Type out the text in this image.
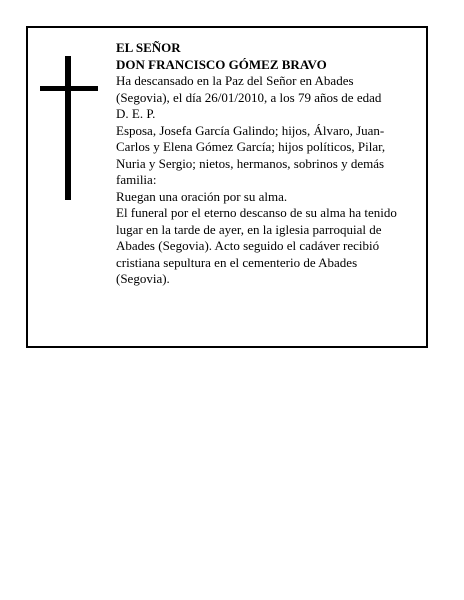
EL SEÑOR
DON FRANCISCO GÓMEZ BRAVO
Ha descansado en la Paz del Señor en Abades
(Segovia), el día 26/01/2010, a los 79 años de edad
D. E. P.
Esposa, Josefa García Galindo; hijos, Álvaro, Juan-
Carlos y Elena Gómez García; hijos políticos, Pilar,
Nuria y Sergio; nietos, hermanos, sobrinos y demás
familia:
Ruegan una oración por su alma.
El funeral por el eterno descanso de su alma ha tenido
lugar en la tarde de ayer, en la iglesia parroquial de
Abades (Segovia). Acto seguido el cadáver recibió
cristiana sepultura en el cementerio de Abades
(Segovia).
